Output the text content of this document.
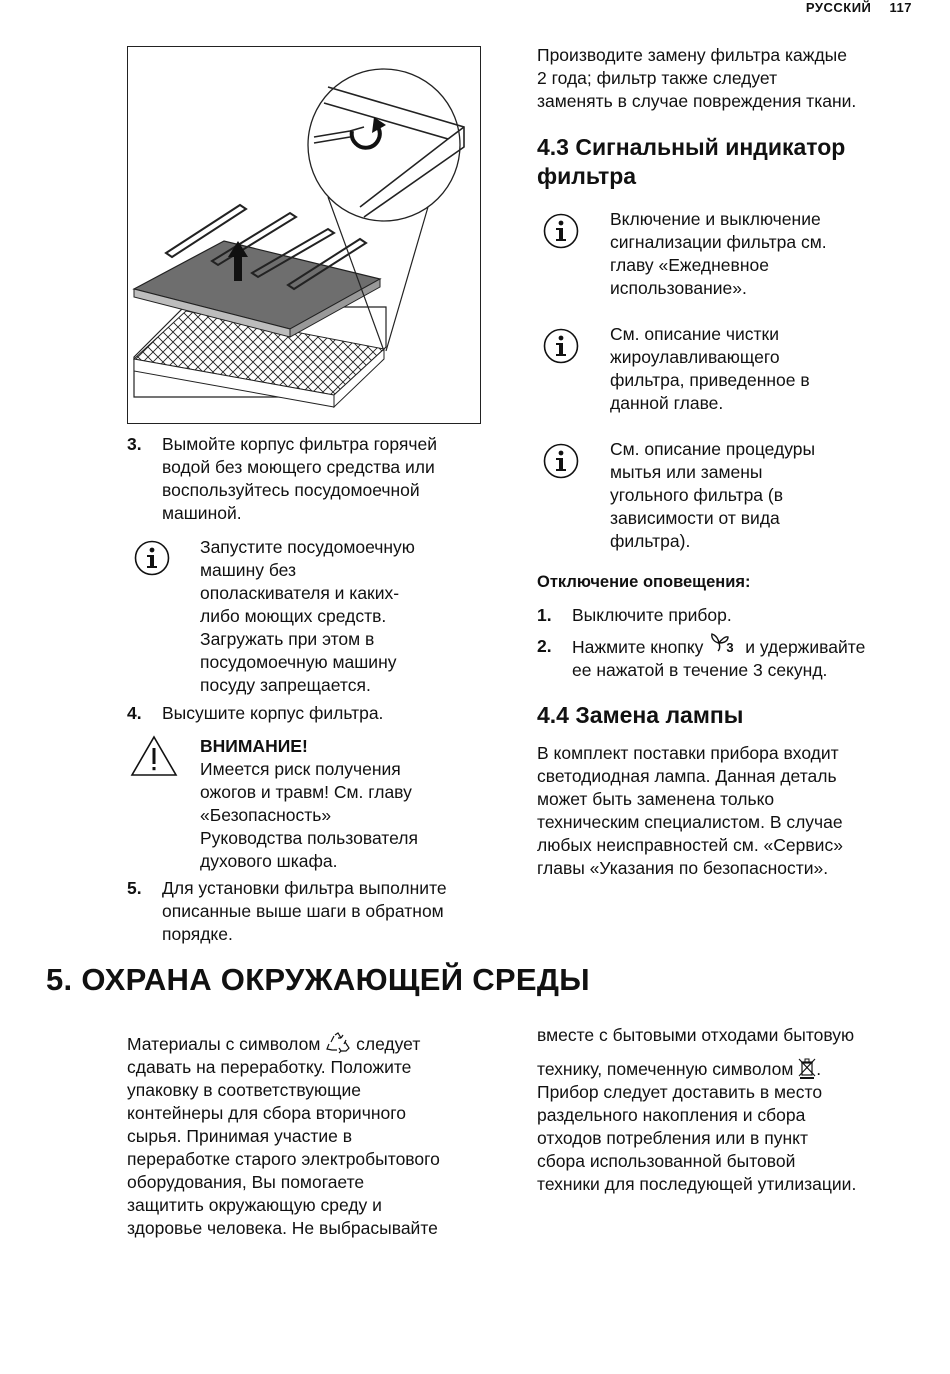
РУССКИЙ 117
3. Вымойте корпус фильтра горячей
водой без моющего средства или
воспользуйтесь посудомоечной
машиной.
Запустите посудомоечную
машину без
ополаскивателя и каких-
либо моющих средств.
Загружать при этом в
посудомоечную машину
посуду запрещается.
4. Высушите корпус фильтра.
ВНИМАНИЕ!
Имеется риск получения
ожогов и травм! См. главу
«Безопасность»
Руководства пользователя
духового шкафа.
5. Для установки фильтра выполните
описанные выше шаги в обратном
порядке.
Производите замену фильтра каждые
2 года; фильтр также следует
заменять в случае повреждения ткани.
4.3 Сигнальный индикатор
фильтра
Включение и выключение
сигнализации фильтра см.
главу «Ежедневное
использование».
См. описание чистки
жироулавливающего
фильтра, приведенное в
данной главе.
См. описание процедуры
мытья или замены
угольного фильтра (в
зависимости от вида
фильтра).
Отключение оповещения:
1. Выключите прибор.
2. Нажмите кнопку 3 и удерживайте
ее нажатой в течение 3 секунд.
4.4 Замена лампы
В комплект поставки прибора входит
светодиодная лампа. Данная деталь
может быть заменена только
техническим специалистом. В случае
любых неисправностей см. «Сервис»
главы «Указания по безопасности».
5. ОХРАНА ОКРУЖАЮЩЕЙ СРЕДЫ
Материалы с символом следует
сдавать на переработку. Положите
упаковку в соответствующие
контейнеры для сбора вторичного
сырья. Принимая участие в
переработке старого электробытового
оборудования, Вы помогаете
защитить окружающую среду и
здоровье человека. Не выбрасывайте
вместе с бытовыми отходами бытовую
технику, помеченную символом .
Прибор следует доставить в место
раздельного накопления и сбора
отходов потребления или в пункт
сбора использованной бытовой
техники для последующей утилизации.
